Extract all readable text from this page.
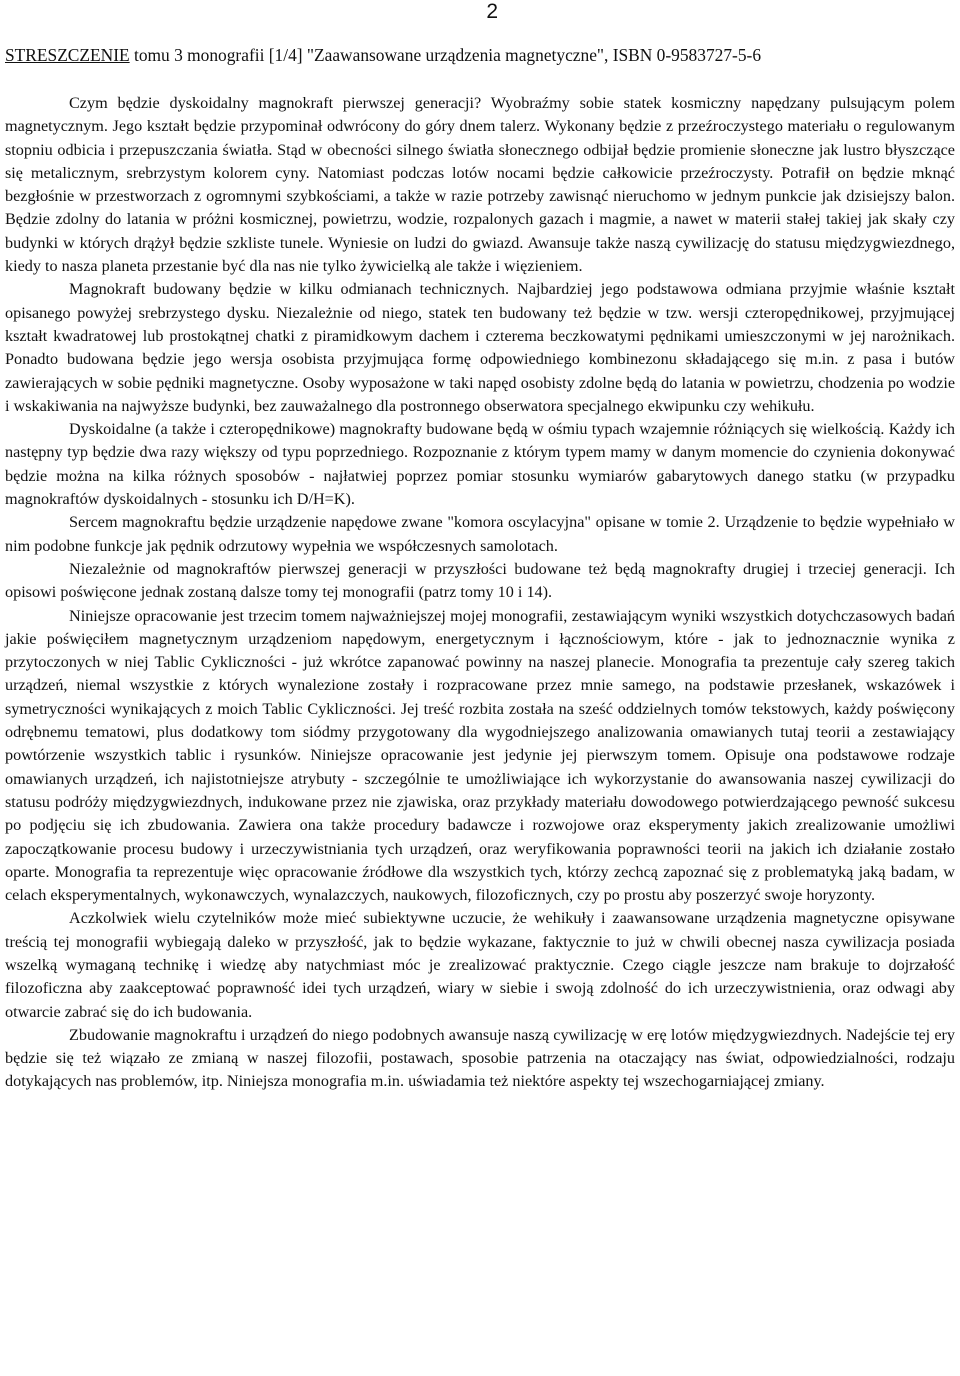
2
STRESZCZENIE tomu 3 monografii [1/4] "Zaawansowane urządzenia magnetyczne", ISBN 0-9583727-5-6

Czym będzie dyskoidalny magnokraft pierwszej generacji? Wyobraźmy sobie statek kosmiczny napędzany pulsującym polem magnetycznym. Jego kształt będzie przypominał odwrócony do góry dnem talerz. Wykonany będzie z przeźroczystego materiału o regulowanym stopniu odbicia i przepuszczania światła. Stąd w obecności silnego światła słonecznego odbijał będzie promienie słoneczne jak lustro błyszczące się metalicznym, srebrzystym kolorem cyny. Natomiast podczas lotów nocami będzie całkowicie przeźroczysty. Potrafił on będzie mknąć bezgłośnie w przestworzach z ogromnymi szybkościami, a także w razie potrzeby zawisnąć nieruchomo w jednym punkcie jak dzisiejszy balon. Będzie zdolny do latania w próżni kosmicznej, powietrzu, wodzie, rozpalonych gazach i magmie, a nawet w materii stałej takiej jak skały czy budynki w których drążył będzie szkliste tunele. Wyniesie on ludzi do gwiazd. Awansuje także naszą cywilizację do statusu międzygwiezdnego, kiedy to nasza planeta przestanie być dla nas nie tylko żywicielką ale także i więzieniem.

Magnokraft budowany będzie w kilku odmianach technicznych. Najbardziej jego podstawowa odmiana przyjmie właśnie kształt opisanego powyżej srebrzystego dysku. Niezależnie od niego, statek ten budowany też będzie w tzw. wersji czteropędnikowej, przyjmującej kształt kwadratowej lub prostokątnej chatki z piramidkowym dachem i czterema beczkowatymi pędnikami umieszczonymi w jej narożnikach. Ponadto budowana będzie jego wersja osobista przyjmująca formę odpowiedniego kombinezonu składającego się m.in. z pasa i butów zawierających w sobie pędniki magnetyczne. Osoby wyposażone w taki napęd osobisty zdolne będą do latania w powietrzu, chodzenia po wodzie i wskakiwania na najwyższe budynki, bez zauważalnego dla postronnego obserwatora specjalnego ekwipunku czy wehikułu.

Dyskoidalne (a także i czteropędnikowe) magnokrafty budowane będą w ośmiu typach wzajemnie różniących się wielkością. Każdy ich następny typ będzie dwa razy większy od typu poprzedniego. Rozpoznanie z którym typem mamy w danym momencie do czynienia dokonywać będzie można na kilka różnych sposobów - najłatwiej poprzez pomiar stosunku wymiarów gabarytowych danego statku (w przypadku magnokraftów dyskoidalnych - stosunku ich D/H=K).

Sercem magnokraftu będzie urządzenie napędowe zwane "komora oscylacyjna" opisane w tomie 2. Urządzenie to będzie wypełniało w nim podobne funkcje jak pędnik odrzutowy wypełnia we współczesnych samolotach.

Niezależnie od magnokraftów pierwszej generacji w przyszłości budowane też będą magnokrafty drugiej i trzeciej generacji. Ich opisowi poświęcone jednak zostaną dalsze tomy tej monografii (patrz tomy 10 i 14).

Niniejsze opracowanie jest trzecim tomem najważniejszej mojej monografii, zestawiającym wyniki wszystkich dotychczasowych badań jakie poświęciłem magnetycznym urządzeniom napędowym, energetycznym i łącznościowym, które - jak to jednoznacznie wynika z przytoczonych w niej Tablic Cykliczności - już wkrótce zapanować powinny na naszej planecie. Monografia ta prezentuje cały szereg takich urządzeń, niemal wszystkie z których wynalezione zostały i rozpracowane przez mnie samego, na podstawie przesłanek, wskazówek i symetryczności wynikających z moich Tablic Cykliczności. Jej treść rozbita została na sześć oddzielnych tomów tekstowych, każdy poświęcony odrębnemu tematowi, plus dodatkowy tom siódmy przygotowany dla wygodniejszego analizowania omawianych tutaj teorii a zestawiający powtórzenie wszystkich tablic i rysunków. Niniejsze opracowanie jest jedynie jej pierwszym tomem. Opisuje ona podstawowe rodzaje omawianych urządzeń, ich najistotniejsze atrybuty - szczególnie te umożliwiające ich wykorzystanie do awansowania naszej cywilizacji do statusu podróży międzygwiezdnych, indukowane przez nie zjawiska, oraz przykłady materiału dowodowego potwierdzającego pewność sukcesu po podjęciu się ich zbudowania. Zawiera ona także procedury badawcze i rozwojowe oraz eksperymenty jakich zrealizowanie umożliwi zapoczątkowanie procesu budowy i urzeczywistniania tych urządzeń, oraz weryfikowania poprawności teorii na jakich ich działanie zostało oparte. Monografia ta reprezentuje więc opracowanie źródłowe dla wszystkich tych, którzy zechcą zapoznać się z problematyką jaką badam, w celach eksperymentalnych, wykonawczych, wynalazczych, naukowych, filozoficznych, czy po prostu aby poszerzyć swoje horyzonty.

Aczkolwiek wielu czytelników może mieć subiektywne uczucie, że wehikuły i zaawansowane urządzenia magnetyczne opisywane treścią tej monografii wybiegają daleko w przyszłość, jak to będzie wykazane, faktycznie to już w chwili obecnej nasza cywilizacja posiada wszelką wymaganą technikę i wiedzę aby natychmiast móc je zrealizować praktycznie. Czego ciągle jeszcze nam brakuje to dojrzałość filozoficzna aby zaakceptować poprawność idei tych urządzeń, wiary w siebie i swoją zdolność do ich urzeczywistnienia, oraz odwagi aby otwarcie zabrać się do ich budowania.

Zbudowanie magnokraftu i urządzeń do niego podobnych awansuje naszą cywilizację w erę lotów międzygwiezdnych. Nadejście tej ery będzie się też wiązało ze zmianą w naszej filozofii, postawach, sposobie patrzenia na otaczający nas świat, odpowiedzialności, rodzaju dotykających nas problemów, itp. Niniejsza monografia m.in. uświadamia też niektóre aspekty tej wszechogarniającej zmiany.
